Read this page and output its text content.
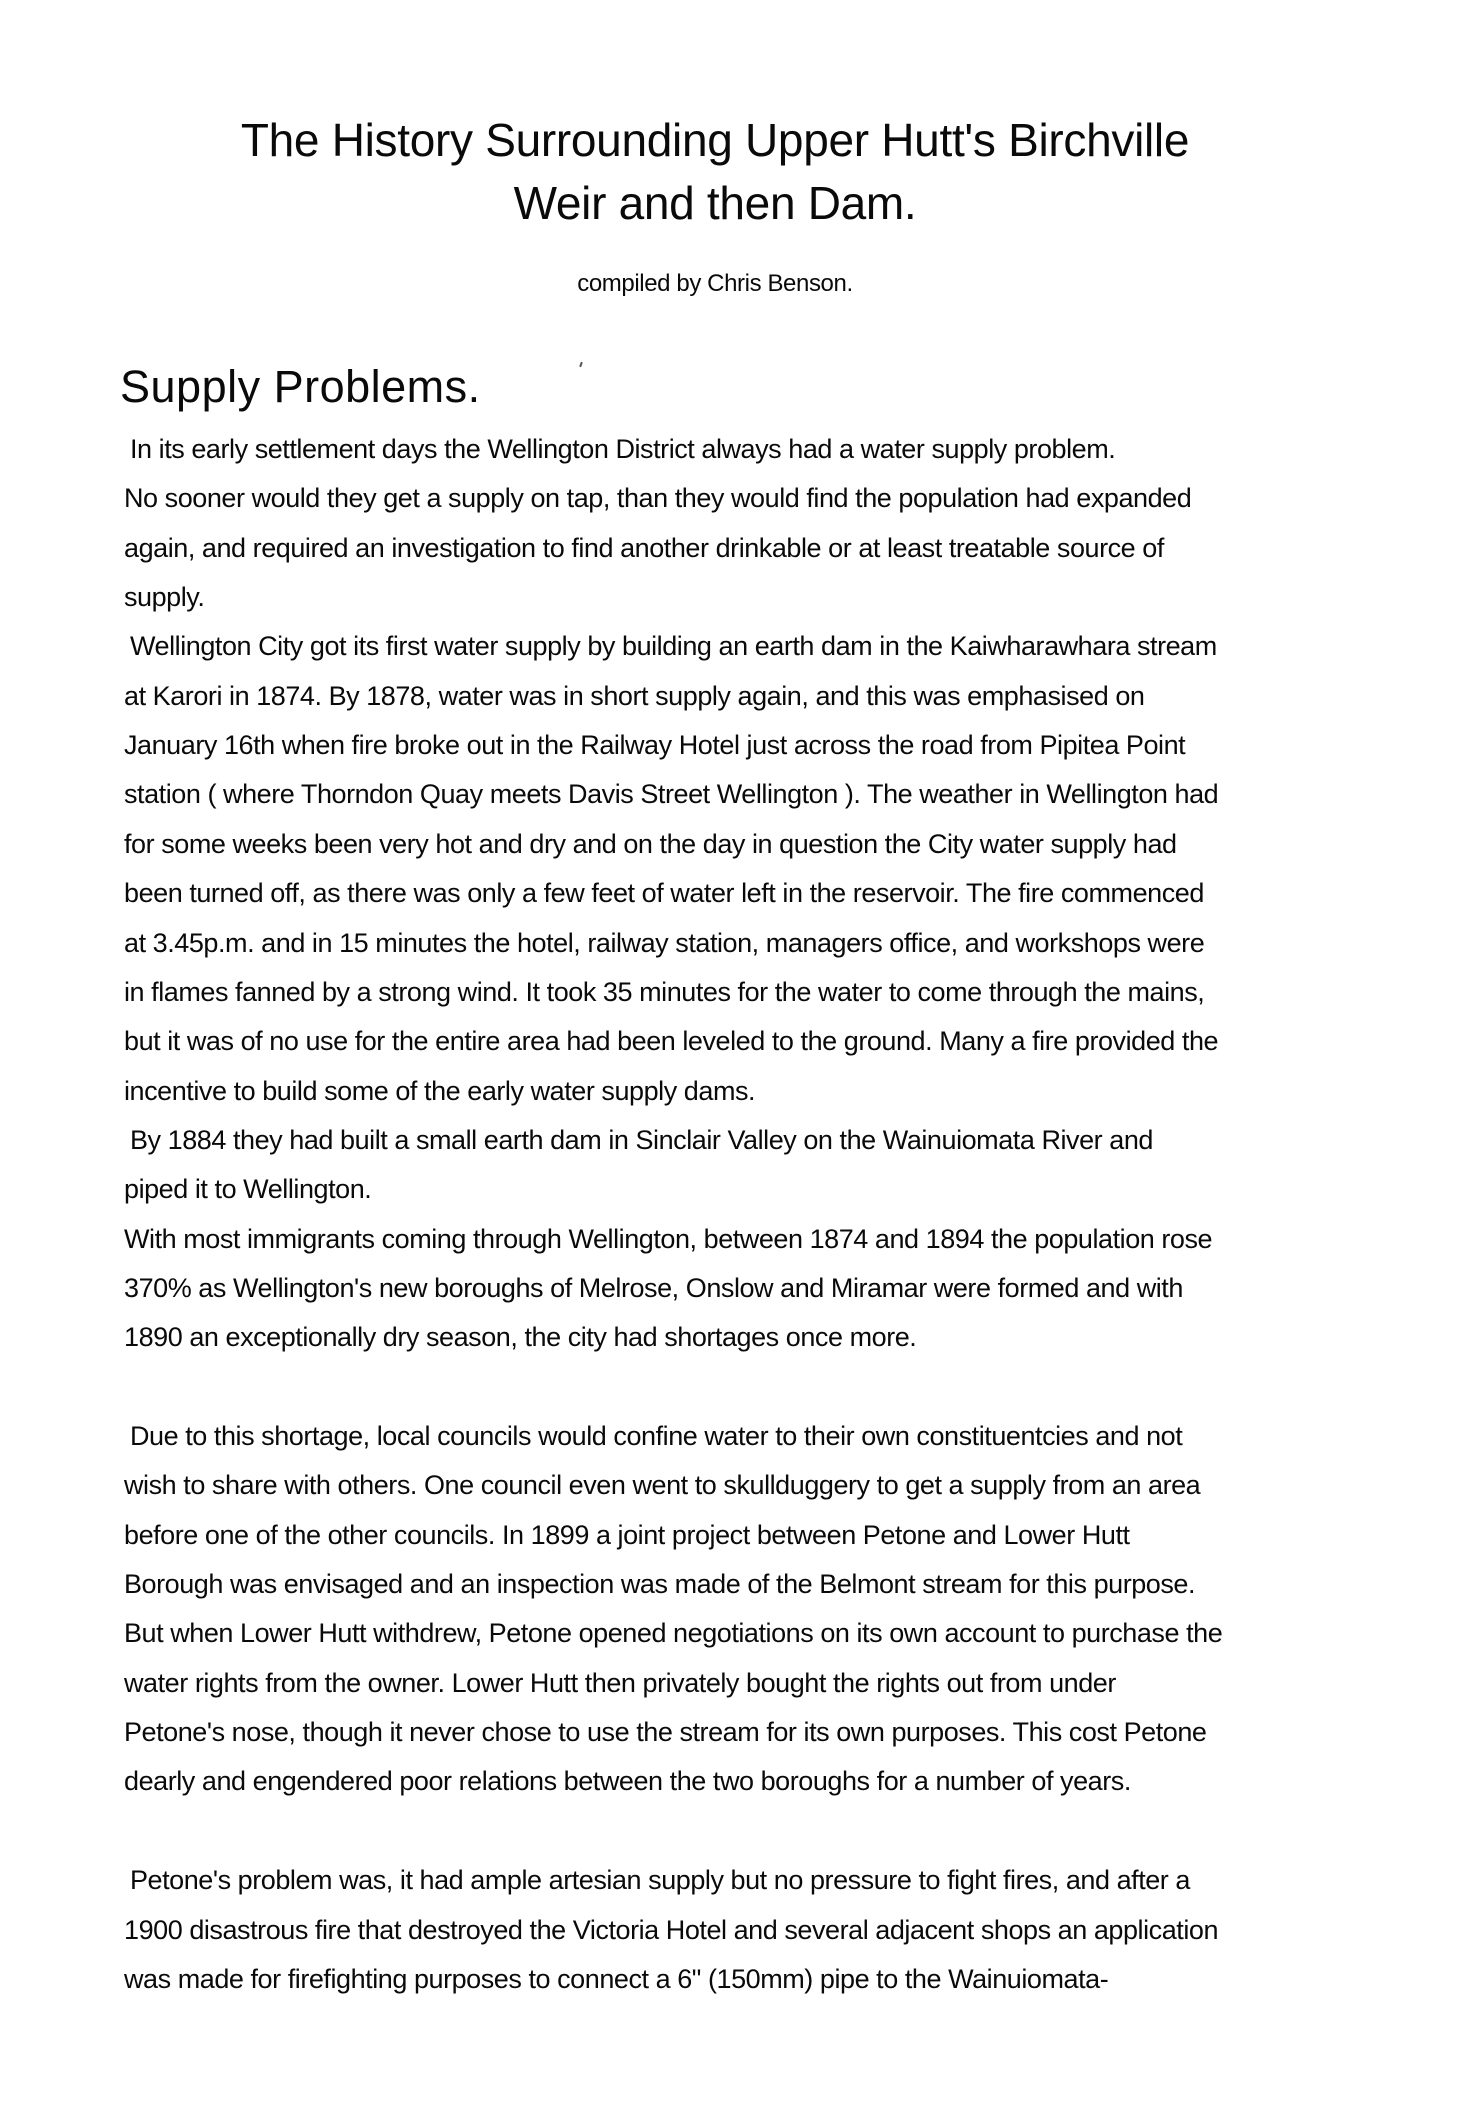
The History Surrounding Upper Hutt's Birchville
Weir and then Dam.
compiled by Chris Benson.
Supply Problems.
In its early settlement days the Wellington District always had a water supply problem.
No sooner would they get a supply on tap, than they would find the population had expanded
again, and required an investigation to find another drinkable or at least treatable source of
supply.
Wellington City got its first water supply by building an earth dam in the Kaiwharawhara stream
at Karori in 1874. By 1878, water was in short supply again, and this was emphasised on
January 16th when fire broke out in the Railway Hotel just across the road from Pipitea Point
station ( where Thorndon Quay meets Davis Street Wellington ). The weather in Wellington had
for some weeks been very hot and dry and on the day in question the City water supply had
been turned off, as there was only a few feet of water left in the reservoir. The fire commenced
at 3.45p.m. and in 15 minutes the hotel, railway station, managers office, and workshops were
in flames fanned by a strong wind. It took 35 minutes for the water to come through the mains,
but it was of no use for the entire area had been leveled to the ground. Many a fire provided the
incentive to build some of the early water supply dams.
By 1884 they had built a small earth dam in Sinclair Valley on the Wainuiomata River and
piped it to Wellington.
With most immigrants coming through Wellington, between 1874 and 1894 the population rose
370% as Wellington's new boroughs of Melrose, Onslow and Miramar were formed and with
1890 an exceptionally dry season, the city had shortages once more.
Due to this shortage, local councils would confine water to their own constituentcies and not
wish to share with others. One council even went to skullduggery to get a supply from an area
before one of the other councils. In 1899 a joint project between Petone and Lower Hutt
Borough was envisaged and an inspection was made of the Belmont stream for this purpose.
But when Lower Hutt withdrew, Petone opened negotiations on its own account to purchase the
water rights from the owner. Lower Hutt then privately bought the rights out from under
Petone's nose, though it never chose to use the stream for its own purposes. This cost Petone
dearly and engendered poor relations between the two boroughs for a number of years.
Petone's problem was, it had ample artesian supply but no pressure to fight fires, and after a
1900 disastrous fire that destroyed the Victoria Hotel and several adjacent shops an application
was made for firefighting purposes to connect a 6" (150mm) pipe to the Wainuiomata-
